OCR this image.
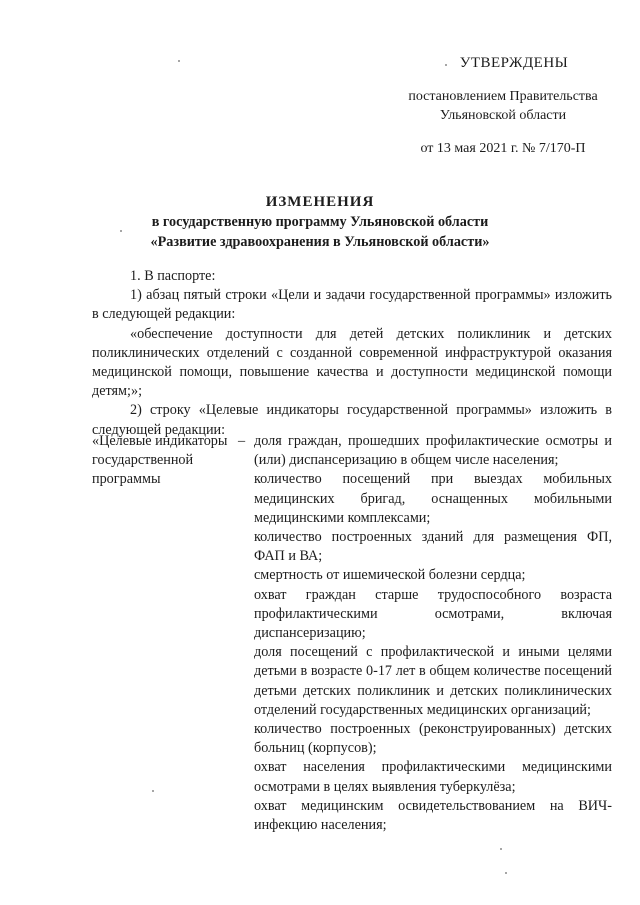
УТВЕРЖДЕНЫ
постановлением Правительства
Ульяновской области
от 13 мая 2021 г. № 7/170-П
ИЗМЕНЕНИЯ
в государственную программу Ульяновской области
«Развитие здравоохранения в Ульяновской области»

1. В паспорте:

1) абзац пятый строки «Цели и задачи государственной программы» изложить в следующей редакции:

«обеспечение доступности для детей детских поликлиник и детских поликлинических отделений с созданной современной инфраструктурой оказания медицинской помощи, повышение качества и доступности медицинской помощи детям;»;

2) строку «Целевые индикаторы государственной программы» изложить в следующей редакции:

«Целевые индикаторы государственной программы
– доля граждан, прошедших профилактические осмотры и (или) диспансеризацию в общем числе населения;

количество посещений при выездах мобильных медицинских бригад, оснащенных мобильными медицинскими комплексами;

количество построенных зданий для размещения ФП, ФАП и ВА;

смертность от ишемической болезни сердца;

охват граждан старше трудоспособного возраста профилактическими осмотрами, включая диспансеризацию;

доля посещений с профилактической и иными целями детьми в возрасте 0-17 лет в общем количестве посещений детьми детских поликлиник и детских поликлинических отделений государственных медицинских организаций;

количество построенных (реконструированных) детских больниц (корпусов);

охват населения профилактическими медицинскими осмотрами в целях выявления туберкулёза;

охват медицинским освидетельствованием на ВИЧ-инфекцию населения;
